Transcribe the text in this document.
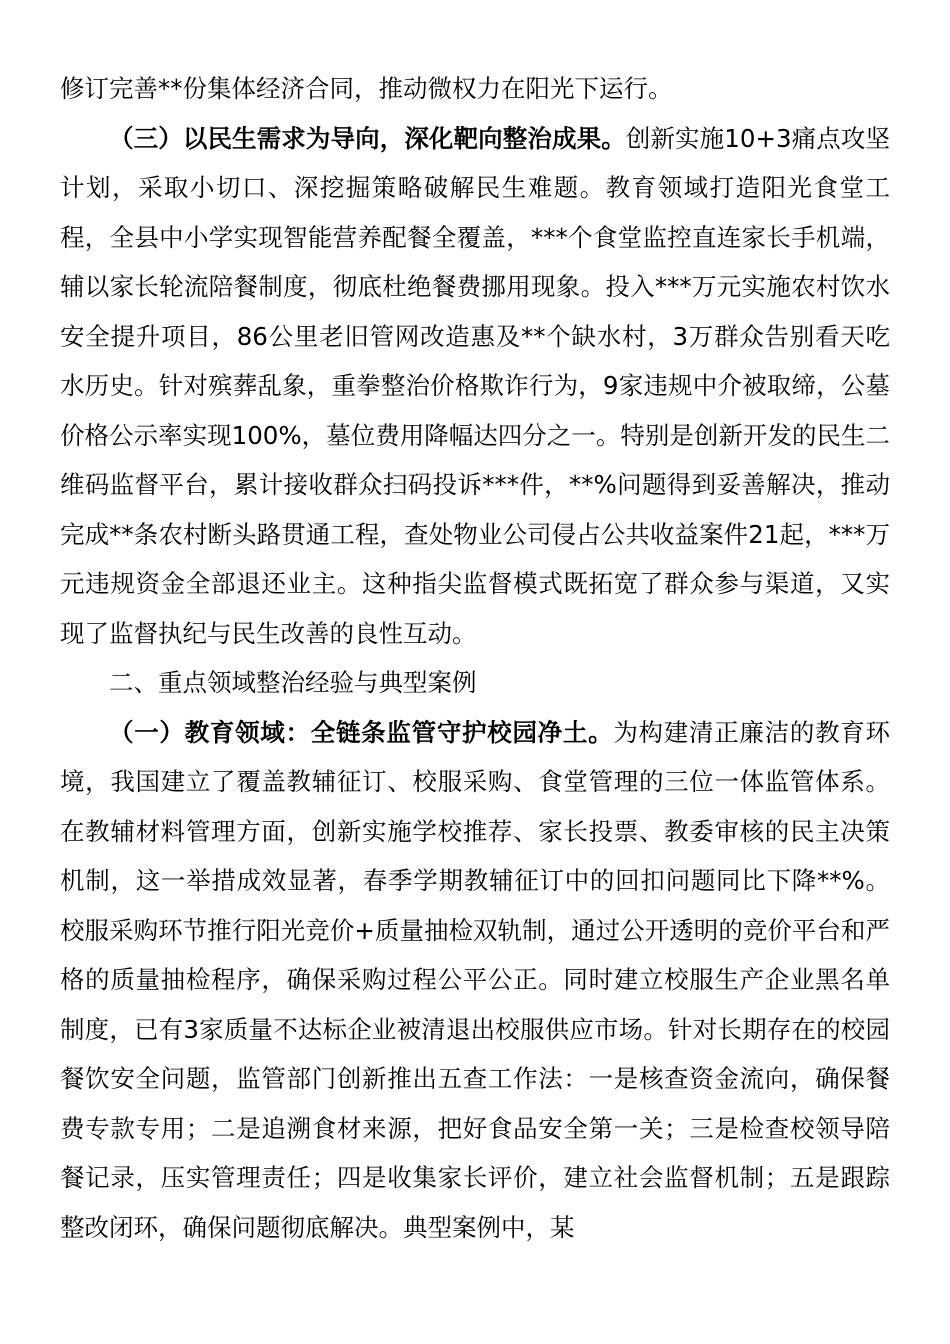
修订完善**份集体经济合同，推动微权力在阳光下运行。

（三）以民生需求为导向，深化靶向整治成果。创新实施10+3痛点攻坚计划，采取小切口、深挖掘策略破解民生难题。教育领域打造阳光食堂工程，全县中小学实现智能营养配餐全覆盖，***个食堂监控直连家长手机端，辅以家长轮流陪餐制度，彻底杜绝餐费挪用现象。投入***万元实施农村饮水安全提升项目，86公里老旧管网改造惠及**个缺水村，3万群众告别看天吃水历史。针对殡葬乱象，重拳整治价格欺诈行为，9家违规中介被取缔，公墓价格公示率实现100%，墓位费用降幅达四分之一。特别是创新开发的民生二维码监督平台，累计接收群众扫码投诉***件，**%问题得到妥善解决，推动完成**条农村断头路贯通工程，查处物业公司侵占公共收益案件21起，***万元违规资金全部退还业主。这种指尖监督模式既拓宽了群众参与渠道，又实现了监督执纪与民生改善的良性互动。

二、重点领域整治经验与典型案例

（一）教育领域：全链条监管守护校园净土。为构建清正廉洁的教育环境，我国建立了覆盖教辅征订、校服采购、食堂管理的三位一体监管体系。在教辅材料管理方面，创新实施学校推荐、家长投票、教委审核的民主决策机制，这一举措成效显著，春季学期教辅征订中的回扣问题同比下降**%。校服采购环节推行阳光竞价+质量抽检双轨制，通过公开透明的竞价平台和严格的质量抽检程序，确保采购过程公平公正。同时建立校服生产企业黑名单制度，已有3家质量不达标企业被清退出校服供应市场。针对长期存在的校园餐饮安全问题，监管部门创新推出五查工作法：一是核查资金流向，确保餐费专款专用；二是追溯食材来源，把好食品安全第一关；三是检查校领导陪餐记录，压实管理责任；四是收集家长评价，建立社会监督机制；五是跟踪整改闭环，确保问题彻底解决。典型案例中，某
